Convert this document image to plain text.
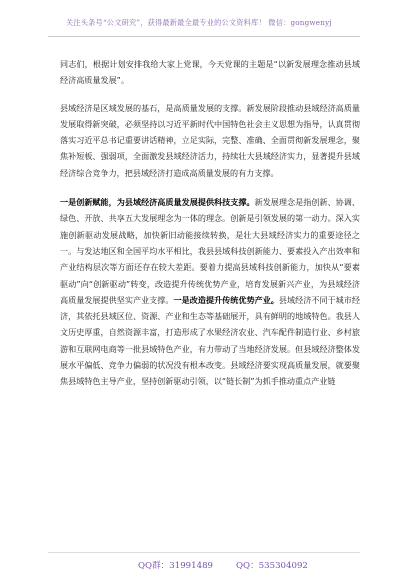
关注头条号“公文研究”，获得最新最全最专业的公文资料库！ 微信：gongwenyj

同志们，根据计划安排我给大家上党课，今天党课的主题是“以新发展理念推动县域经济高质量发展”。

县域经济是区域发展的基石，是高质量发展的支撑。新发展阶段推动县域经济高质量发展取得新突破，必须坚持以习近平新时代中国特色社会主义思想为指导，认真贯彻落实习近平总书记重要讲话精神，立足实际，完整、准确、全面贯彻新发展理念，聚焦补短板、强弱项，全面激发县域经济活力，持续壮大县域经济实力，显著提升县域经济综合竞争力，把县域经济打造成高质量发展的有力支撑。

一是创新赋能，为县域经济高质量发展提供科技支撑。新发展理念是指创新、协调、绿色、开放、共享五大发展理念为一体的理念。创新是引领发展的第一动力。深入实施创新驱动发展战略，加快新旧动能接续转换，是壮大县域经济实力的重要途径之一。与发达地区和全国平均水平相比，我县县域科技创新能力、要素投入产出效率和产业结构层次等方面还存在较大差距。要着力提高县域科技创新能力，加快从“要素驱动”向“创新驱动”转变，改造提升传统优势产业，培育发展新兴产业，为县域经济高质量发展提供坚实产业支撑。一是改造提升传统优势产业。县域经济不同于城市经济，其依托县域区位、资源、产业和生态等基础展开，具有鲜明的地域特色。我县人文历史厚重，自然资源丰富，打造形成了水果经济农业、汽车配件制造行业、乡村旅游和互联网电商等一批县域特色产业，有力带动了当地经济发展。但县域经济整体发展水平偏低、竞争力偏弱的状况没有根本改变。县域经济要实现高质量发展，就要聚焦县域特色主导产业，坚持创新驱动引领，以“链长制”为抓手推动重点产业链

QQ群：31991489	QQ：535304092
